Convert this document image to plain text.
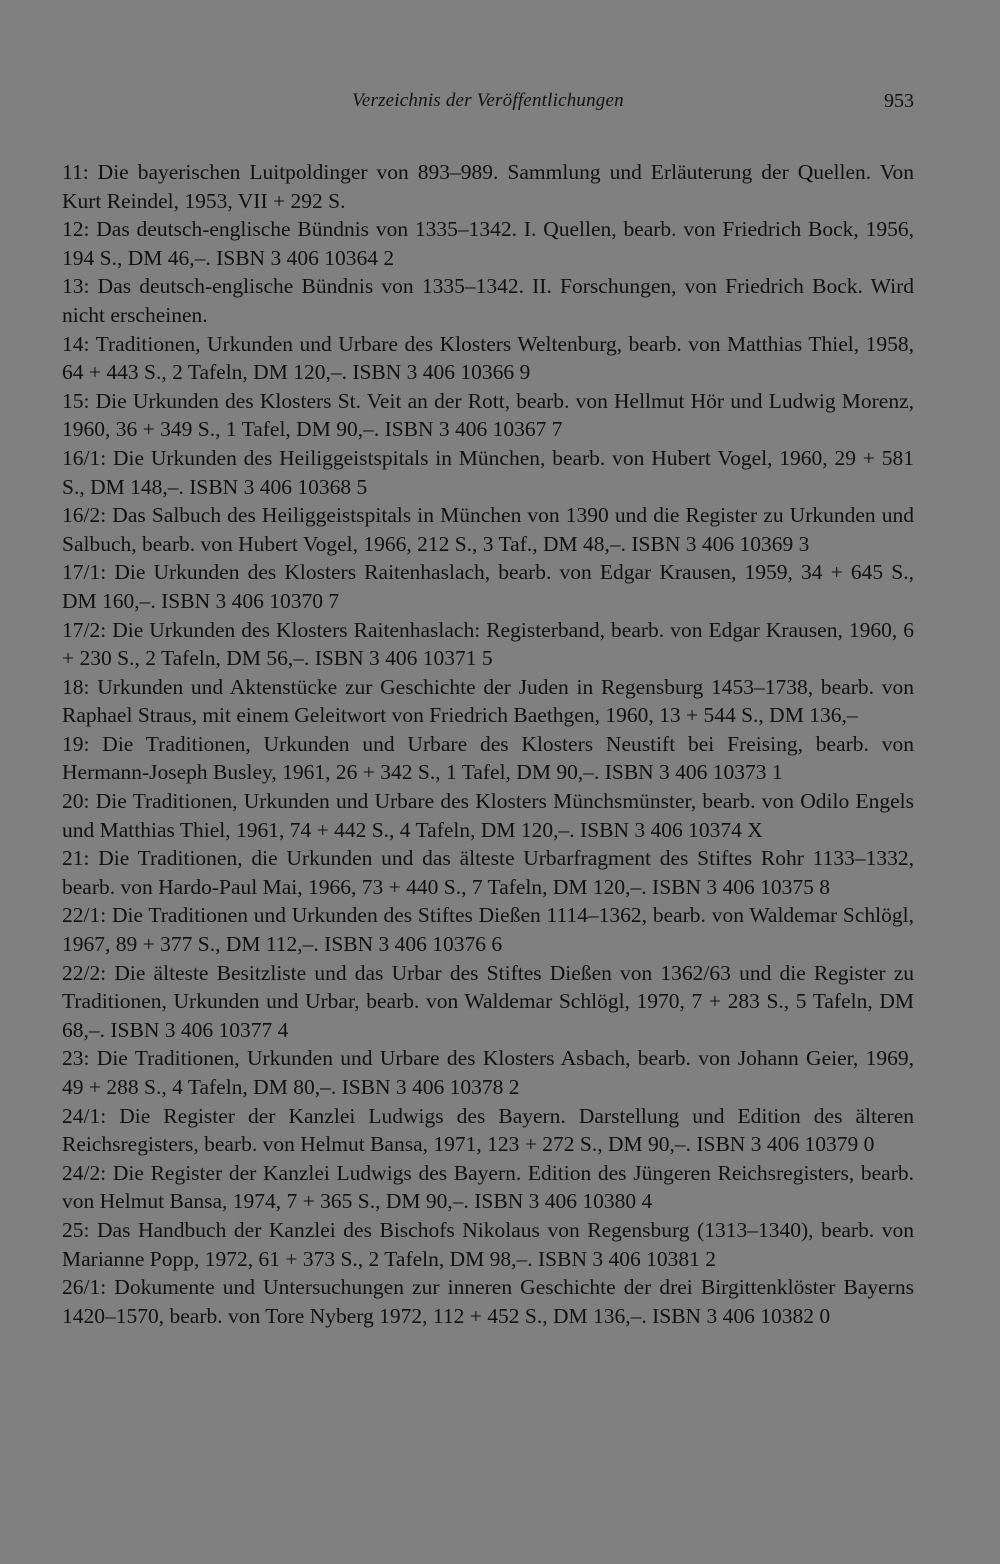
Verzeichnis der Veröffentlichungen	953

11: Die bayerischen Luitpoldinger von 893–989. Sammlung und Erläuterung der Quellen. Von Kurt Reindel, 1953, VII + 292 S.

12: Das deutsch-englische Bündnis von 1335–1342. I. Quellen, bearb. von Friedrich Bock, 1956, 194 S., DM 46,–. ISBN 3 406 10364 2

13: Das deutsch-englische Bündnis von 1335–1342. II. Forschungen, von Friedrich Bock. Wird nicht erscheinen.

14: Traditionen, Urkunden und Urbare des Klosters Weltenburg, bearb. von Matthias Thiel, 1958, 64 + 443 S., 2 Tafeln, DM 120,–. ISBN 3 406 10366 9

15: Die Urkunden des Klosters St. Veit an der Rott, bearb. von Hellmut Hör und Ludwig Morenz, 1960, 36 + 349 S., 1 Tafel, DM 90,–. ISBN 3 406 10367 7

16/1: Die Urkunden des Heiliggeistspitals in München, bearb. von Hubert Vogel, 1960, 29 + 581 S., DM 148,–. ISBN 3 406 10368 5

16/2: Das Salbuch des Heiliggeistspitals in München von 1390 und die Register zu Urkunden und Salbuch, bearb. von Hubert Vogel, 1966, 212 S., 3 Taf., DM 48,–. ISBN 3 406 10369 3

17/1: Die Urkunden des Klosters Raitenhaslach, bearb. von Edgar Krausen, 1959, 34 + 645 S., DM 160,–. ISBN 3 406 10370 7

17/2: Die Urkunden des Klosters Raitenhaslach: Registerband, bearb. von Edgar Krausen, 1960, 6 + 230 S., 2 Tafeln, DM 56,–. ISBN 3 406 10371 5

18: Urkunden und Aktenstücke zur Geschichte der Juden in Regensburg 1453–1738, bearb. von Raphael Straus, mit einem Geleitwort von Friedrich Baethgen, 1960, 13 + 544 S., DM 136,–

19: Die Traditionen, Urkunden und Urbare des Klosters Neustift bei Freising, bearb. von Hermann-Joseph Busley, 1961, 26 + 342 S., 1 Tafel, DM 90,–. ISBN 3 406 10373 1

20: Die Traditionen, Urkunden und Urbare des Klosters Münchsmünster, bearb. von Odilo Engels und Matthias Thiel, 1961, 74 + 442 S., 4 Tafeln, DM 120,–. ISBN 3 406 10374 X

21: Die Traditionen, die Urkunden und das älteste Urbarfragment des Stiftes Rohr 1133–1332, bearb. von Hardo-Paul Mai, 1966, 73 + 440 S., 7 Tafeln, DM 120,–. ISBN 3 406 10375 8

22/1: Die Traditionen und Urkunden des Stiftes Dießen 1114–1362, bearb. von Waldemar Schlögl, 1967, 89 + 377 S., DM 112,–. ISBN 3 406 10376 6

22/2: Die älteste Besitzliste und das Urbar des Stiftes Dießen von 1362/63 und die Register zu Traditionen, Urkunden und Urbar, bearb. von Waldemar Schlögl, 1970, 7 + 283 S., 5 Tafeln, DM 68,–. ISBN 3 406 10377 4

23: Die Traditionen, Urkunden und Urbare des Klosters Asbach, bearb. von Johann Geier, 1969, 49 + 288 S., 4 Tafeln, DM 80,–. ISBN 3 406 10378 2

24/1: Die Register der Kanzlei Ludwigs des Bayern. Darstellung und Edition des älteren Reichsregisters, bearb. von Helmut Bansa, 1971, 123 + 272 S., DM 90,–. ISBN 3 406 10379 0

24/2: Die Register der Kanzlei Ludwigs des Bayern. Edition des Jüngeren Reichsregisters, bearb. von Helmut Bansa, 1974, 7 + 365 S., DM 90,–. ISBN 3 406 10380 4

25: Das Handbuch der Kanzlei des Bischofs Nikolaus von Regensburg (1313–1340), bearb. von Marianne Popp, 1972, 61 + 373 S., 2 Tafeln, DM 98,–. ISBN 3 406 10381 2

26/1: Dokumente und Untersuchungen zur inneren Geschichte der drei Birgittenklöster Bayerns 1420–1570, bearb. von Tore Nyberg 1972, 112 + 452 S., DM 136,–. ISBN 3 406 10382 0
